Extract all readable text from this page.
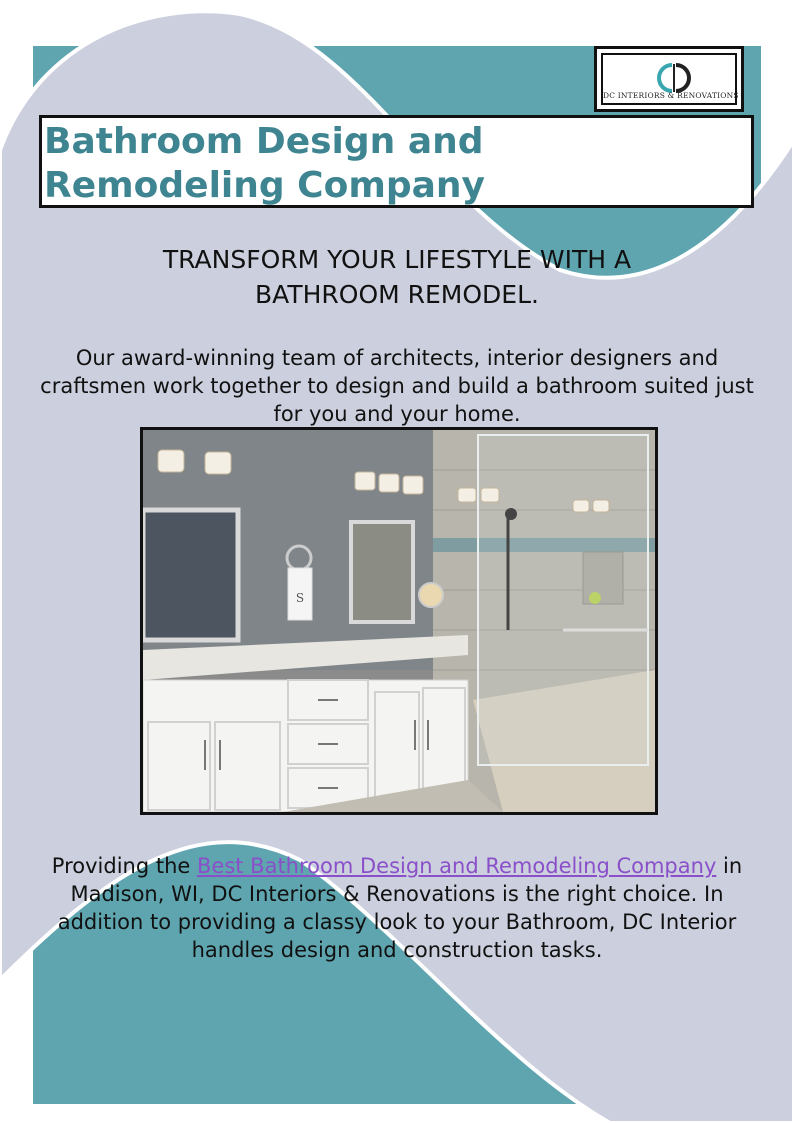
DC INTERIORS & RENOVATIONS
Bathroom Design and
Remodeling Company
TRANSFORM YOUR LIFESTYLE WITH A
BATHROOM REMODEL.

Our award-winning team of architects, interior designers and craftsmen work together to design and build a bathroom suited just for you and your home.

S

Providing the Best Bathroom Design and Remodeling Company in Madison, WI, DC Interiors & Renovations is the right choice. In addition to providing a classy look to your Bathroom, DC Interior handles design and construction tasks.
